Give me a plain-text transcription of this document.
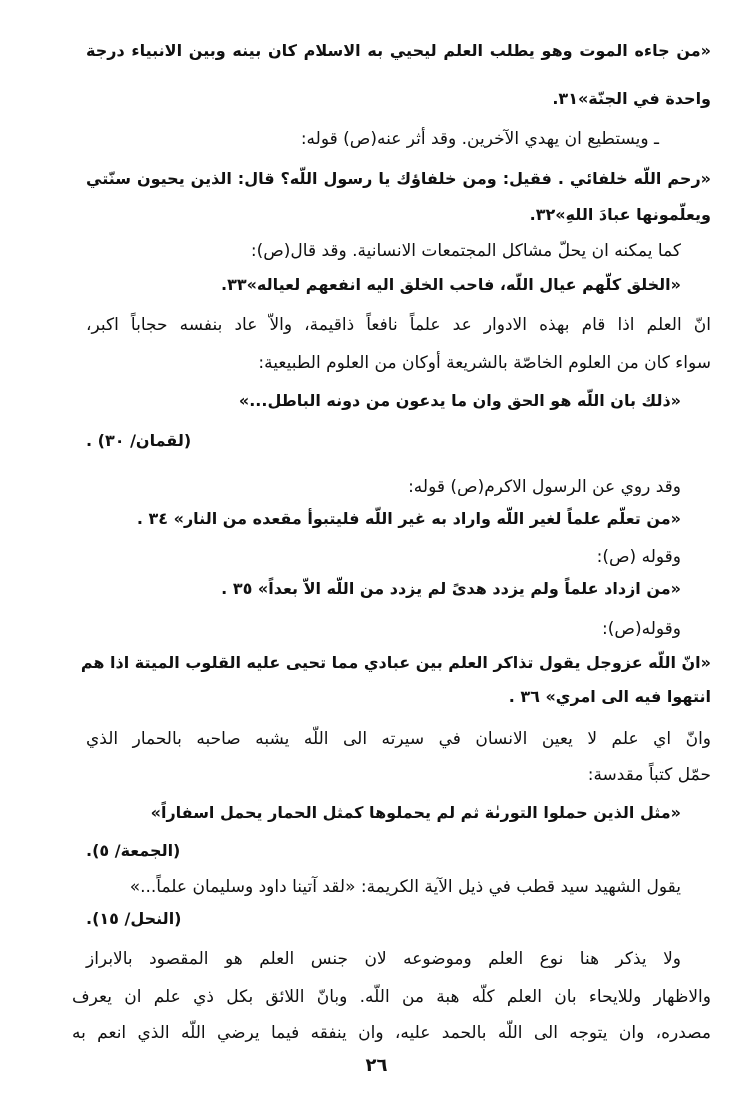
«من جاءه الموت وهو يطلب العلم ليحيي به الاسلام كان بينه وبين الانبياء درجة
واحدة في الجنّة»٣١.
ـ ويستطيع ان يهدي الآخرين. وقد أثر عنه(ص) قوله:
«رحم اللّه خلفائي . فقيل: ومن خلفاؤك يا رسول اللّه؟ قال: الذين يحيون سنّتي
ويعلّمونها عبادَ اللهِ»٣٢.
كما يمكنه ان يحلّ مشاكل المجتمعات الانسانية. وقد قال(ص):
«الخلق كلّهم عيال اللّه، فاحب الخلق اليه انفعهم لعياله»٣٣.
انّ العلم اذا قام بهذه الادوار عد علماً نافعاً ذاقيمة، والاّ عاد بنفسه حجاباً اكبر،
سواء كان من العلوم الخاصّة بالشريعة أوكان من العلوم الطبيعية:
«ذلك بان اللّه هو الحق وان ما يدعون من دونه الباطل...»
(لقمان/ ٣٠) .
وقد روي عن الرسول الاكرم(ص) قوله:
«من تعلّم علماً لغير اللّه واراد به غير اللّه فليتبوأ مقعده من النار» ٣٤ .
وقوله (ص):
«من ازداد علماً ولم يزدد هدىً لم يزدد من اللّه الاّ بعداً» ٣٥ .
وقوله(ص):
«انّ اللّه عزوجل يقول تذاكر العلم بين عبادي مما تحيى عليه القلوب الميتة اذا هم
انتهوا فيه الى امري» ٣٦ .
وانّ اي علم لا يعين الانسان في سيرته الى اللّه يشبه صاحبه بالحمار الذي
حمّل كتباً مقدسة:
«مثل الذين حملوا التورىٰة ثم لم يحملوها كمثل الحمار يحمل اسفاراً»
(الجمعة/ ٥).
يقول الشهيد سيد قطب في ذيل الآية الكريمة: «لقد آتينا داود وسليمان علماً...»
(النحل/ ١٥).
ولا يذكر هنا نوع العلم وموضوعه لان جنس العلم هو المقصود بالابراز
والاظهار وللايحاء بان العلم كلّه هبة من اللّه. وبانّ اللائق بكل ذي علم ان يعرف
مصدره، وان يتوجه الى اللّه بالحمد عليه، وان ينفقه فيما يرضي اللّه الذي انعم به
٢٦
